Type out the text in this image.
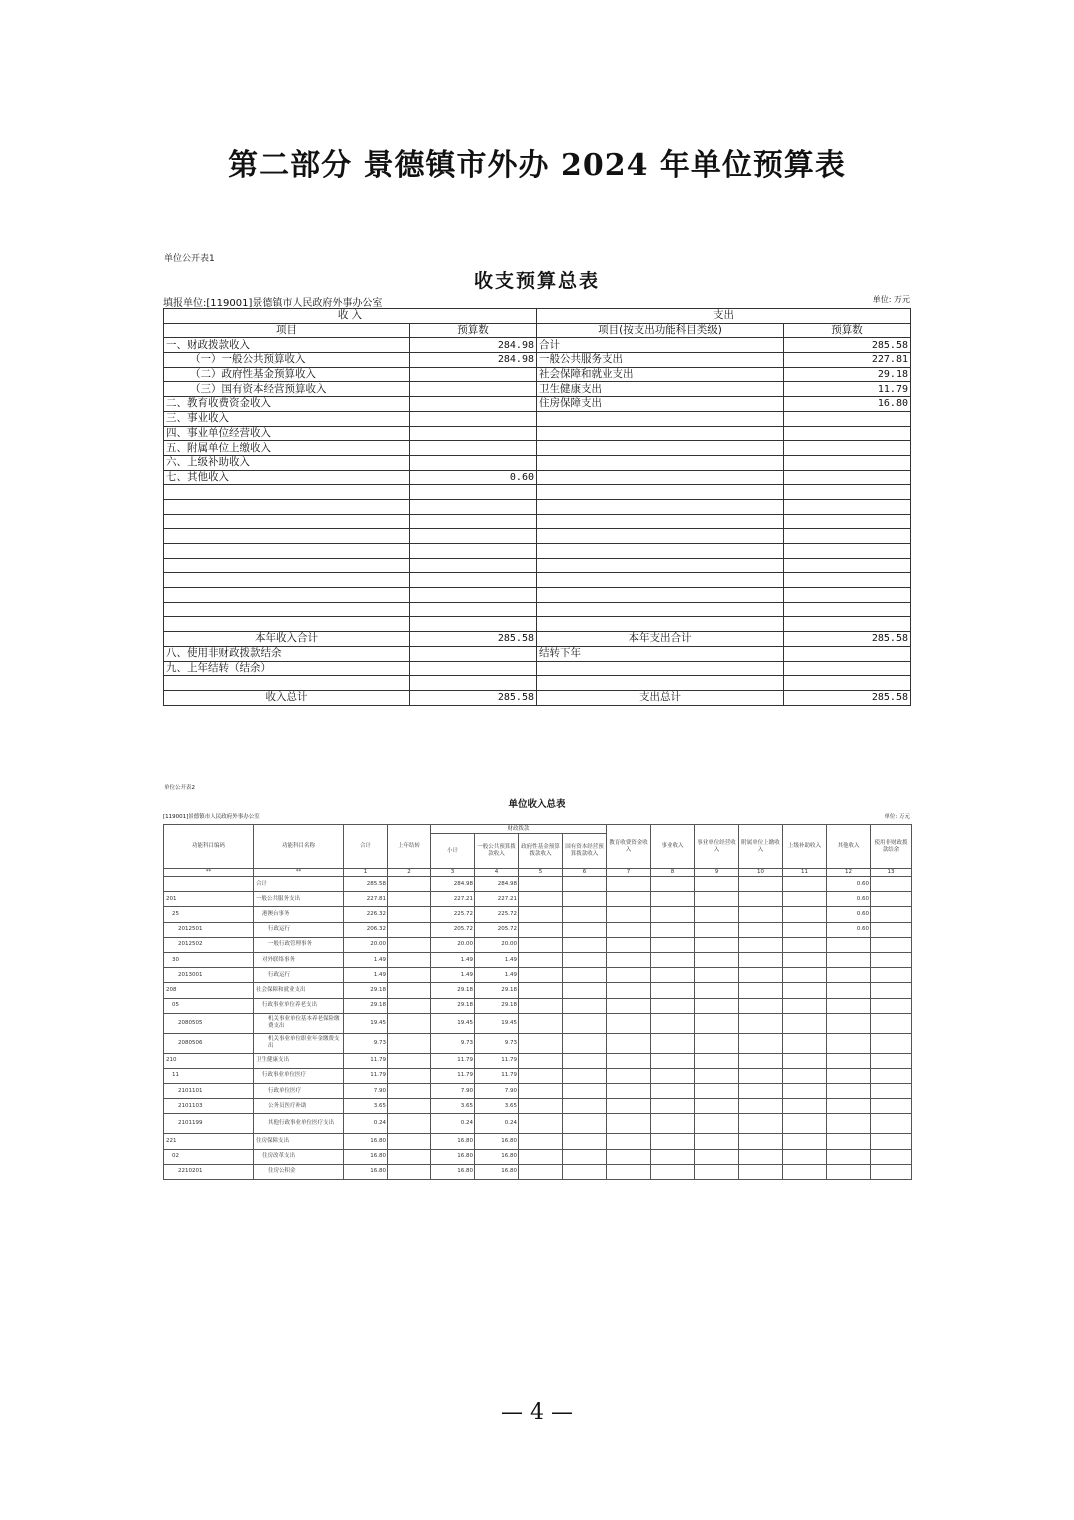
第二部分 景德镇市外办 2024 年单位预算表
单位公开表1
收支预算总表
填报单位:[119001]景德镇市人民政府外事办公室	单位: 万元
收 入		支出	
项目	预算数	项目(按支出功能科目类级)	预算数
一、财政拨款收入	284.98	合计	285.58
（一）一般公共预算收入	284.98	一般公共服务支出	227.81
（二）政府性基金预算收入		社会保障和就业支出	29.18
（三）国有资本经营预算收入		卫生健康支出	11.79
二、教育收费资金收入		住房保障支出	16.80
三、事业收入			
四、事业单位经营收入			
五、附属单位上缴收入			
六、上级补助收入			
七、其他收入	0.60		

本年收入合计	285.58	本年支出合计	285.58
八、使用非财政拨款结余		结转下年	
九、上年结转（结余）			

收入总计	285.58	支出总计	285.58
单位公开表2
单位收入总表
[119001]景德镇市人民政府外事办公室	单位: 万元
功能科目编码	功能科目名称	合计	上年结转	财政拨款				教育收费资金收入	事业收入	事业单位经营收入	附属单位上缴收入	上级补助收入	其他收入	使用非财政拨款结余
				小计	一般公共预算拨款收入	政府性基金预算拨款收入	国有资本经营预算拨款收入							
**	**	1	2	3	4	5	6	7	8	9	10	11	12	13
	合计	285.58		284.98	284.98								0.60	
201	一般公共服务支出	227.81		227.21	227.21								0.60	
25	港澳台事务	226.32		225.72	225.72								0.60	
2012501	行政运行	206.32		205.72	205.72								0.60	
2012502	一般行政管理事务	20.00		20.00	20.00									
30	对外联络事务	1.49		1.49	1.49									
2013001	行政运行	1.49		1.49	1.49									
208	社会保障和就业支出	29.18		29.18	29.18									
05	行政事业单位养老支出	29.18		29.18	29.18									
2080505	机关事业单位基本养老保险缴费支出	19.45		19.45	19.45									
2080506	机关事业单位职业年金缴费支出	9.73		9.73	9.73									
210	卫生健康支出	11.79		11.79	11.79									
11	行政事业单位医疗	11.79		11.79	11.79									
2101101	行政单位医疗	7.90		7.90	7.90									
2101103	公务员医疗补助	3.65		3.65	3.65									
2101199	其他行政事业单位医疗支出	0.24		0.24	0.24									
221	住房保障支出	16.80		16.80	16.80									
02	住房改革支出	16.80		16.80	16.80									
2210201	住房公积金	16.80		16.80	16.80									
— 4 —
